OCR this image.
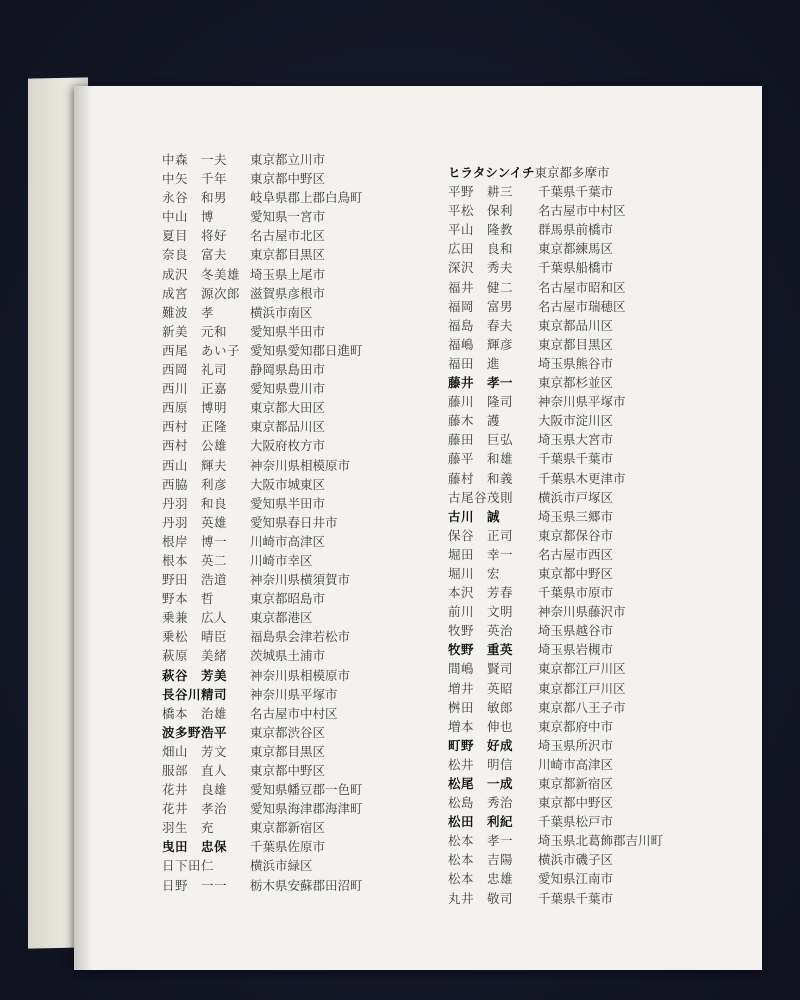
中森　一夫 東京都立川市
中矢　千年 東京都中野区
永谷　和男 岐阜県郡上郡白鳥町
中山　博	愛知県一宮市
夏目　将好 名古屋市北区
奈良　富夫 東京都目黒区
成沢　冬美雄 埼玉県上尾市
成宮　源次郎 滋賀県彦根市
難波　孝	横浜市南区
新美　元和 愛知県半田市
西尾　あい子 愛知県愛知郡日進町
西岡　礼司 静岡県島田市
西川　正嘉 愛知県豊川市
西原　博明 東京都大田区
西村　正隆 東京都品川区
西村　公雄 大阪府枚方市
西山　輝夫 神奈川県相模原市
西脇　利彦 大阪市城東区
丹羽　和良 愛知県半田市
丹羽　英雄 愛知県春日井市
根岸　博一 川崎市高津区
根本　英二 川崎市幸区
野田　浩道 神奈川県横須賀市
野本　哲	東京都昭島市
乗兼　広人 東京都港区
乗松　晴臣 福島県会津若松市
萩原　美緒 茨城県土浦市
萩谷　芳美 神奈川県相模原市
長谷川精司 神奈川県平塚市
橋本　治雄 名古屋市中村区
波多野浩平 東京都渋谷区
畑山　芳文 東京都目黒区
服部　直人 東京都中野区
花井　良雄 愛知県幡豆郡一色町
花井　孝治 愛知県海津郡海津町
羽生　充	東京都新宿区
曳田　忠保 千葉県佐原市
日下田仁	横浜市緑区
日野　一一 栃木県安蘇郡田沼町
ヒラタシンイチ東京都多摩市
平野　耕三 千葉県千葉市
平松　保利 名古屋市中村区
平山　隆教 群馬県前橋市
広田　良和 東京都練馬区
深沢　秀夫 千葉県船橋市
福井　健二 名古屋市昭和区
福岡　富男 名古屋市瑞穂区
福島　春夫 東京都品川区
福嶋　輝彦 東京都目黒区
福田　進	埼玉県熊谷市
藤井　孝一 東京都杉並区
藤川　隆司 神奈川県平塚市
藤木　護	大阪市淀川区
藤田　巨弘 埼玉県大宮市
藤平　和雄 千葉県千葉市
藤村　和義 千葉県木更津市
古尾谷茂則 横浜市戸塚区
古川　誠	埼玉県三郷市
保谷　正司 東京都保谷市
堀田　幸一 名古屋市西区
堀川　宏	東京都中野区
本沢　芳春 千葉県市原市
前川　文明 神奈川県藤沢市
牧野　英治 埼玉県越谷市
牧野　重英 埼玉県岩槻市
間嶋　賢司 東京都江戸川区
増井　英昭 東京都江戸川区
桝田　敏郎 東京都八王子市
増本　伸也 東京都府中市
町野　好成 埼玉県所沢市
松井　明信 川崎市高津区
松尾　一成 東京都新宿区
松島　秀治 東京都中野区
松田　利紀 千葉県松戸市
松本　孝一 埼玉県北葛飾郡吉川町
松本　吉陽 横浜市磯子区
松本　忠雄 愛知県江南市
丸井　敬司 千葉県千葉市
